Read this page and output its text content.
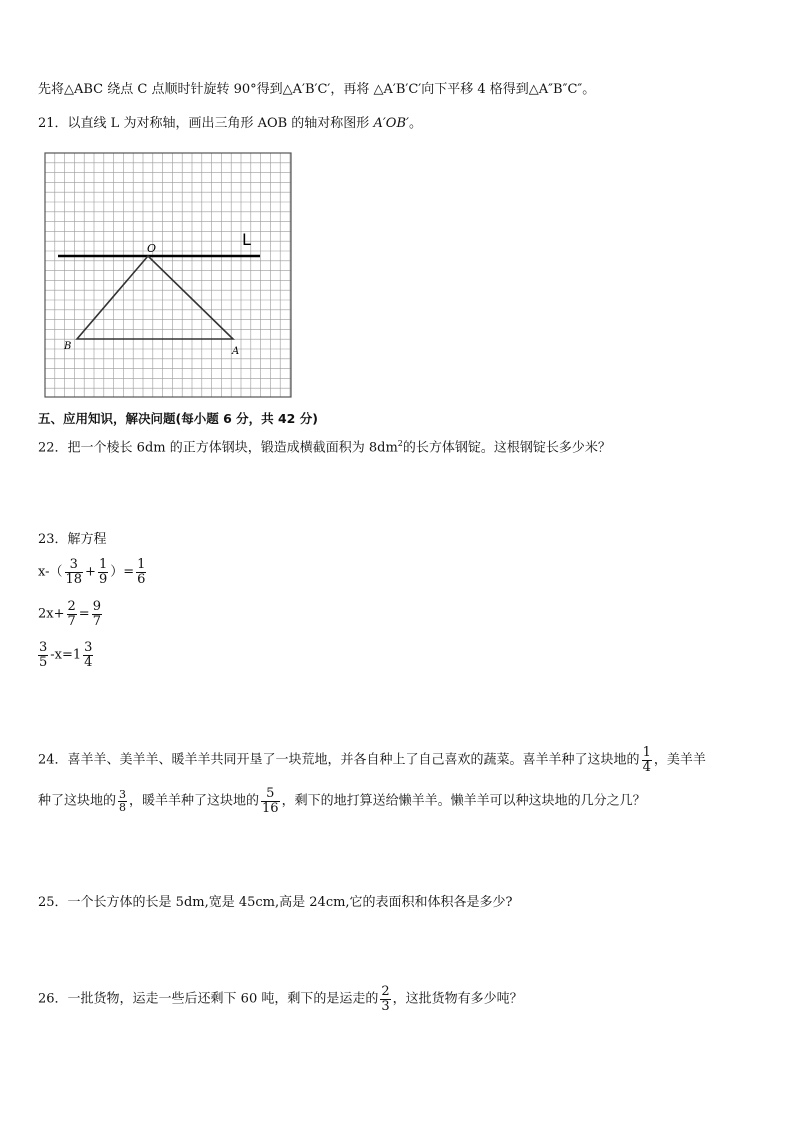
先将△ABC 绕点 C 点顺时针旋转 90°得到△A′B′C′，再将 △A′B′C′向下平移 4 格得到△A″B″C″。
21．以直线 L 为对称轴，画出三角形 AOB 的轴对称图形 A′OB′。
L
O
B	A
五、应用知识，解决问题(每小题 6 分，共 42 分)
22．把一个棱长 6dm 的正方体钢块，锻造成横截面积为 $8dm^2$的长方体钢锭。这根钢锭长多少米？
23．解方程
$x-( \frac{3}{18} + \frac{1}{9}$ ）= $\frac{1}{6}$
$2x+ \frac{2}{7} = \frac{9}{7}$
$\frac{3}{5} -x=1 \frac{3}{4}$
24．喜羊羊、美羊羊、暖羊羊共同开垦了一块荒地，并各自种上了自己喜欢的蔬菜。喜羊羊种了这块地的 $\frac{1}{4}$ ，美羊羊
种了这块地的 $\frac{3}{8}$ ，暖羊羊种了这块地的 $\frac{5}{16}$ ，剩下的地打算送给懒羊羊。懒羊羊可以种这块地的几分之几？
25．一个长方体的长是 5dm,宽是 45cm,高是 24cm,它的表面积和体积各是多少?
26．一批货物，运走一些后还剩下 60 吨，剩下的是运走的 $\frac{2}{3}$ ，这批货物有多少吨？
